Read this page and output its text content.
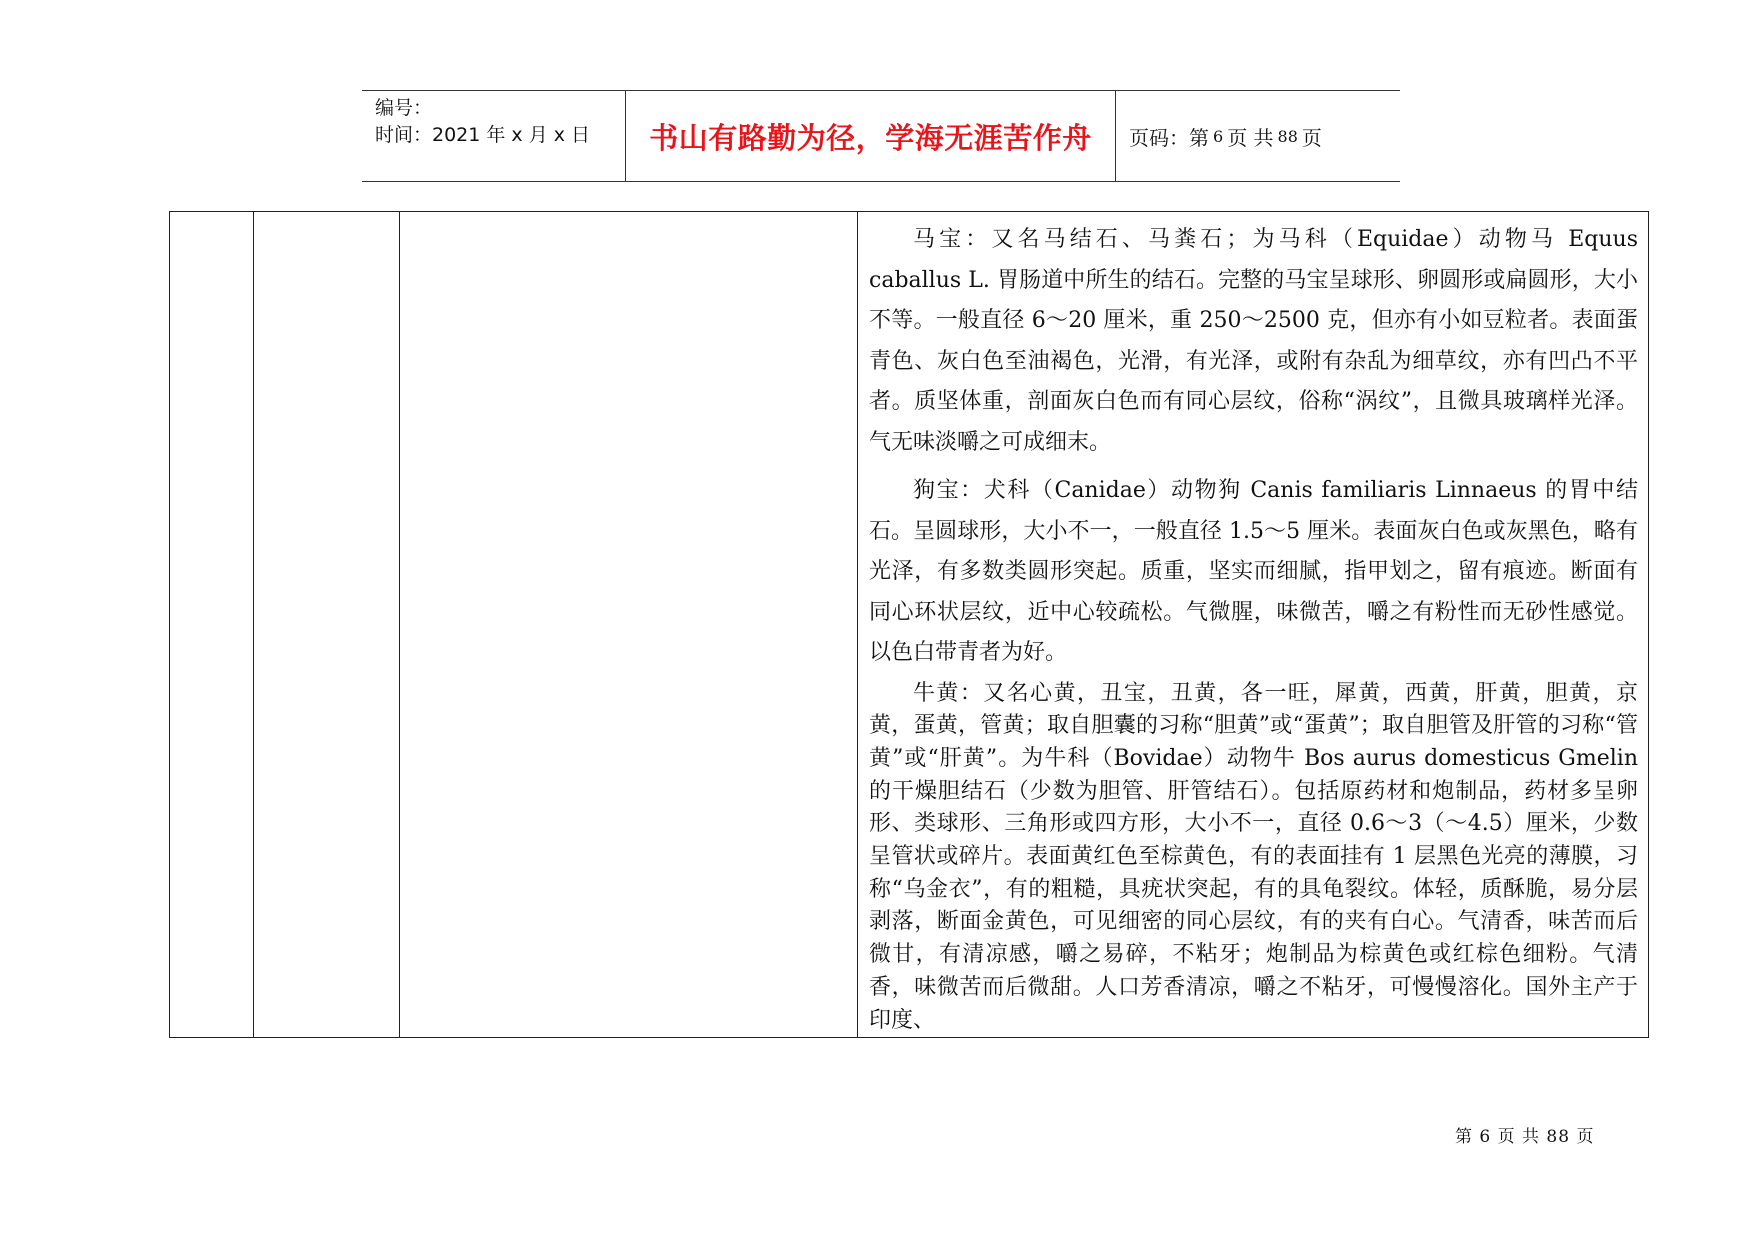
编号：
时间：2021 年 x 月 x 日	书山有路勤为径，学海无涯苦作舟 页码：第 6 页 共 88 页

马宝：又名马结石、马粪石；为马科（Equidae）动物马 Equus caballus L. 胃肠道中所生的结石。完整的马宝呈球形、卵圆形或扁圆形，大小不等。一般直径 6～20 厘米，重 250～2500 克，但亦有小如豆粒者。表面蛋青色、灰白色至油褐色，光滑，有光泽，或附有杂乱为细草纹，亦有凹凸不平者。质坚体重，剖面灰白色而有同心层纹，俗称“涡纹”，且微具玻璃样光泽。气无味淡嚼之可成细末。

狗宝：犬科（Canidae）动物狗 Canis familiaris Linnaeus 的胃中结石。呈圆球形，大小不一，一般直径 1.5～5 厘米。表面灰白色或灰黑色，略有光泽，有多数类圆形突起。质重，坚实而细腻，指甲划之，留有痕迹。断面有同心环状层纹，近中心较疏松。气微腥，味微苦，嚼之有粉性而无砂性感觉。以色白带青者为好。

牛黄：又名心黄，丑宝，丑黄，各一旺，犀黄，西黄，肝黄，胆黄，京黄，蛋黄，管黄；取自胆囊的习称“胆黄”或“蛋黄”；取自胆管及肝管的习称“管黄”或“肝黄”。为牛科（Bovidae）动物牛 Bos aurus domesticus Gmelin 的干燥胆结石（少数为胆管、肝管结石）。包括原药材和炮制品，药材多呈卵形、类球形、三角形或四方形，大小不一，直径 0.6～3（～4.5）厘米，少数呈管状或碎片。表面黄红色至棕黄色，有的表面挂有 1 层黑色光亮的薄膜，习称“乌金衣”，有的粗糙，具疣状突起，有的具龟裂纹。体轻，质酥脆，易分层剥落，断面金黄色，可见细密的同心层纹，有的夹有白心。气清香，味苦而后微甘，有清凉感，嚼之易碎，不粘牙；炮制品为棕黄色或红棕色细粉。气清香，味微苦而后微甜。人口芳香清凉，嚼之不粘牙，可慢慢溶化。国外主产于印度、

第 6 页 共 88 页
